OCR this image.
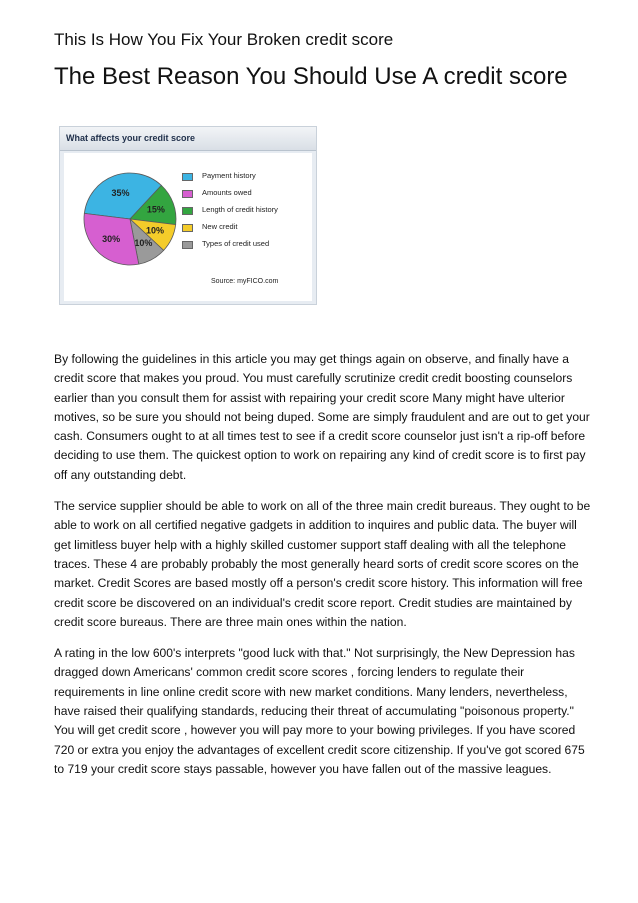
This Is How You Fix Your Broken credit score
The Best Reason You Should Use A credit score
What affects your credit score
35%
15%
10%
10%
30%
Payment history
Amounts owed
Length of credit history
New credit
Types of credit used
Source: myFICO.com

By following the guidelines in this article you may get things again on observe, and finally have a credit score that makes you proud. You must carefully scrutinize credit credit boosting counselors earlier than you consult them for assist with repairing your credit score Many might have ulterior motives, so be sure you should not being duped. Some are simply fraudulent and are out to get your cash. Consumers ought to at all times test to see if a credit score counselor just isn't a rip-off before deciding to use them. The quickest option to work on repairing any kind of credit score is to first pay off any outstanding debt.

The service supplier should be able to work on all of the three main credit bureaus. They ought to be able to work on all certified negative gadgets in addition to inquires and public data. The buyer will get limitless buyer help with a highly skilled customer support staff dealing with all the telephone traces. These 4 are probably probably the most generally heard sorts of credit score scores on the market. Credit Scores are based mostly off a person's credit score history. This information will free credit score be discovered on an individual's credit score report. Credit studies are maintained by credit score bureaus. There are three main ones within the nation.

A rating in the low 600's interprets "good luck with that." Not surprisingly, the New Depression has dragged down Americans' common credit score scores , forcing lenders to regulate their requirements in line online credit score with new market conditions. Many lenders, nevertheless, have raised their qualifying standards, reducing their threat of accumulating "poisonous property." You will get credit score , however you will pay more to your bowing privileges. If you have scored 720 or extra you enjoy the advantages of excellent credit score citizenship. If you've got scored 675 to 719 your credit score stays passable, however you have fallen out of the massive leagues.
